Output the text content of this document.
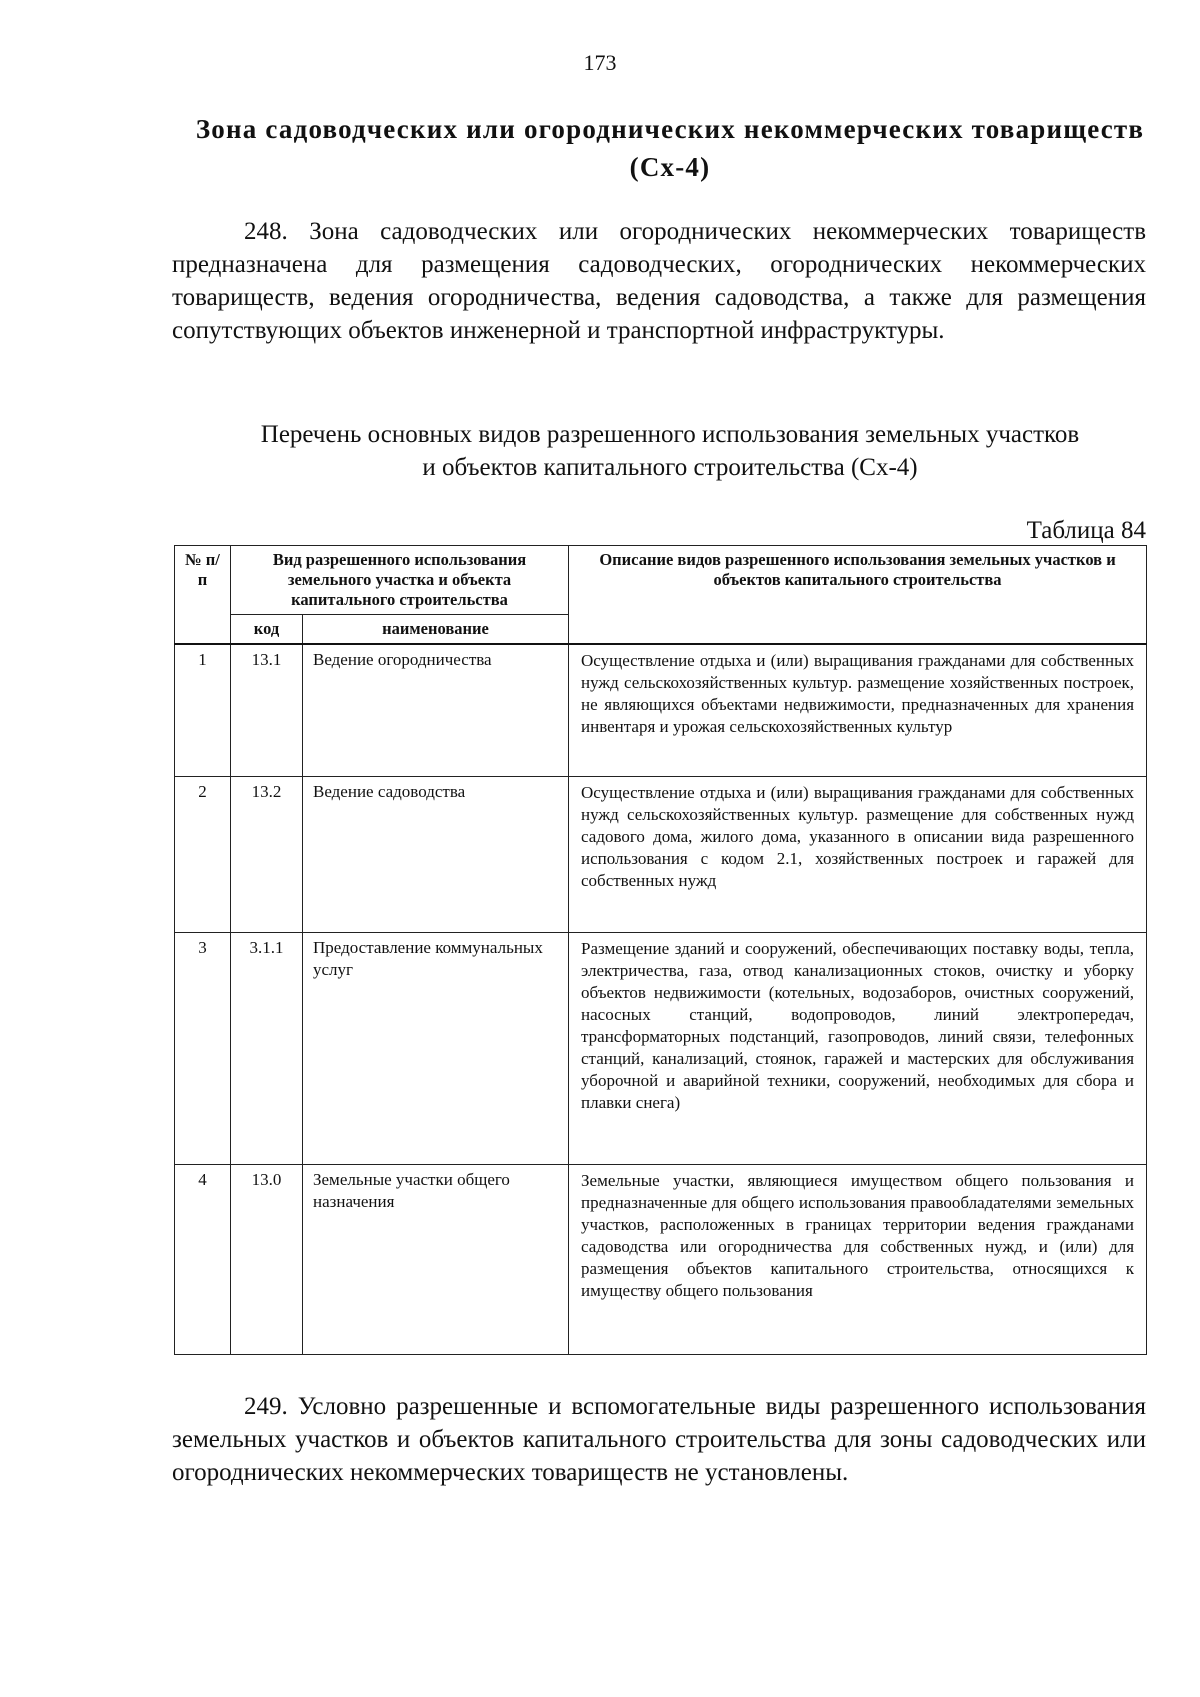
173
Зона садоводческих или огороднических некоммерческих товариществ
(Сх-4)
248. Зона садоводческих или огороднических некоммерческих товариществ предназначена для размещения садоводческих, огороднических некоммерческих товариществ, ведения огородничества, ведения садоводства, а также для размещения сопутствующих объектов инженерной и транспортной инфраструктуры.
Перечень основных видов разрешенного использования земельных участков
и объектов капитального строительства (Сх-4)
Таблица 84
№ п/п	Вид разрешенного использования земельного участка и объекта капитального строительства		Описание видов разрешенного использования земельных участков и объектов капитального строительства
	код	наименование	
1	13.1	Ведение огородничества	Осуществление отдыха и (или) выращивания гражданами для собственных нужд сельскохозяйственных культур. размещение хозяйственных построек, не являющихся объектами недвижимости, предназначенных для хранения инвентаря и урожая сельскохозяйственных культур
2	13.2	Ведение садоводства	Осуществление отдыха и (или) выращивания гражданами для собственных нужд сельскохозяйственных культур. размещение для собственных нужд садового дома, жилого дома, указанного в описании вида разрешенного использования с кодом 2.1, хозяйственных построек и гаражей для собственных нужд
3	3.1.1	Предоставление коммунальных услуг	Размещение зданий и сооружений, обеспечивающих поставку воды, тепла, электричества, газа, отвод канализационных стоков, очистку и уборку объектов недвижимости (котельных, водозаборов, очистных сооружений, насосных станций, водопроводов, линий электропередач, трансформаторных подстанций, газопроводов, линий связи, телефонных станций, канализаций, стоянок, гаражей и мастерских для обслуживания уборочной и аварийной техники, сооружений, необходимых для сбора и плавки снега)
4	13.0	Земельные участки общего назначения	Земельные участки, являющиеся имуществом общего пользования и предназначенные для общего использования правообладателями земельных участков, расположенных в границах территории ведения гражданами садоводства или огородничества для собственных нужд, и (или) для размещения объектов капитального строительства, относящихся к имуществу общего пользования
249. Условно разрешенные и вспомогательные виды разрешенного использования земельных участков и объектов капитального строительства для зоны садоводческих или огороднических некоммерческих товариществ не установлены.
